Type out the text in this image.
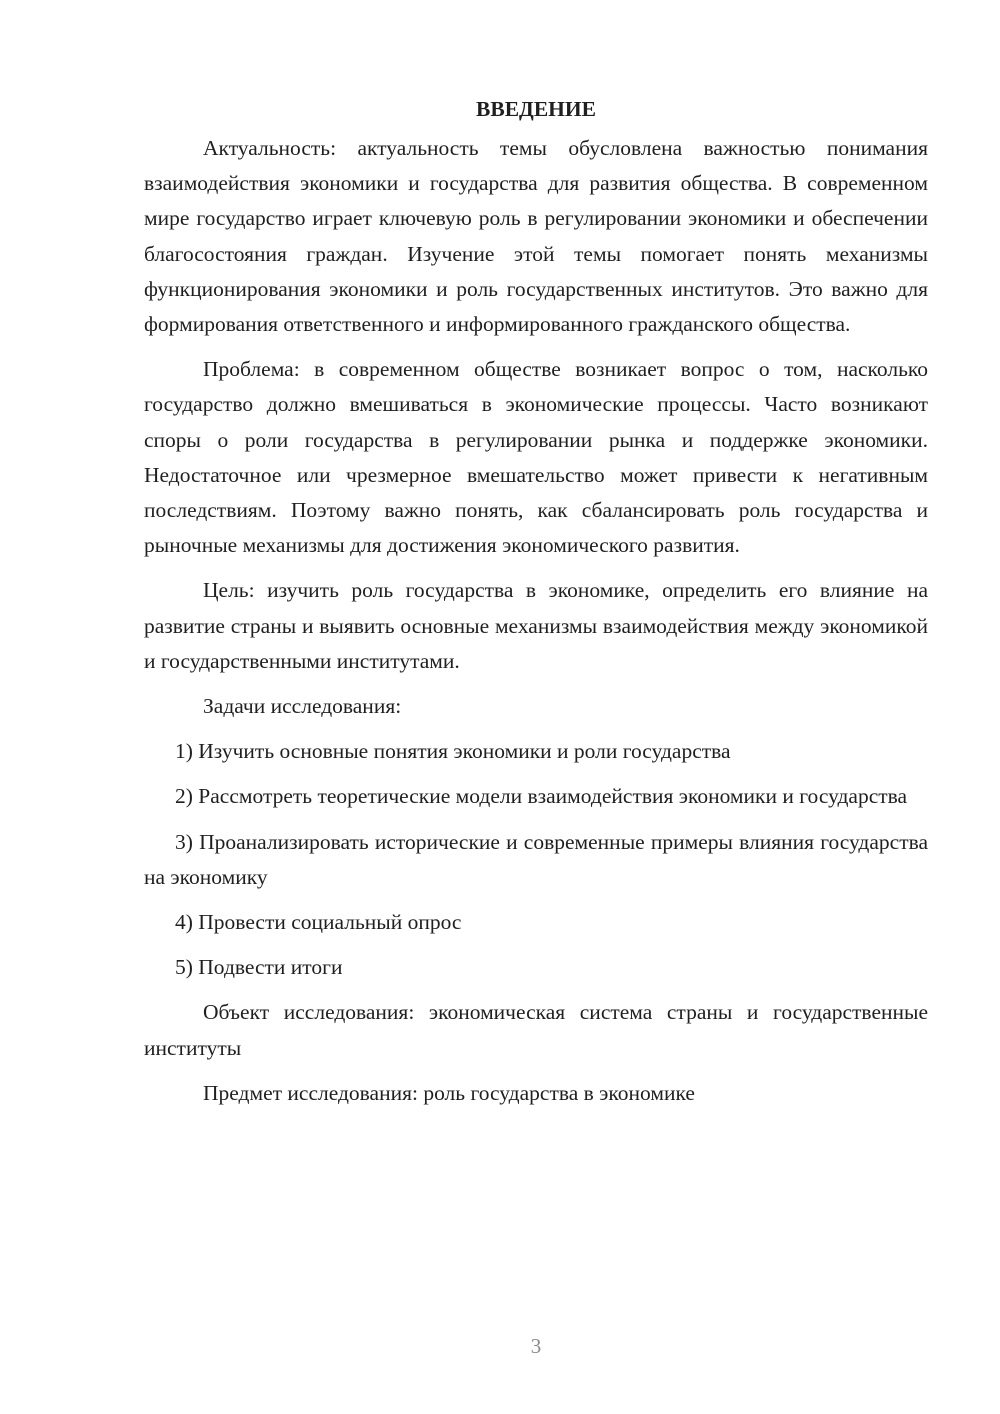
ВВЕДЕНИЕ

Актуальность: актуальность темы обусловлена важностью понимания взаимодействия экономики и государства для развития общества. В современном мире государство играет ключевую роль в регулировании экономики и обеспечении благосостояния граждан. Изучение этой темы помогает понять механизмы функционирования экономики и роль государственных институтов. Это важно для формирования ответственного и информированного гражданского общества.

Проблема: в современном обществе возникает вопрос о том, насколько государство должно вмешиваться в экономические процессы. Часто возникают споры о роли государства в регулировании рынка и поддержке экономики. Недостаточное или чрезмерное вмешательство может привести к негативным последствиям. Поэтому важно понять, как сбалансировать роль государства и рыночные механизмы для достижения экономического развития.

Цель: изучить роль государства в экономике, определить его влияние на развитие страны и выявить основные механизмы взаимодействия между экономикой и государственными институтами.

Задачи исследования:

1) Изучить основные понятия экономики и роли государства

2) Рассмотреть теоретические модели взаимодействия экономики и государства

3) Проанализировать исторические и современные примеры влияния государства на экономику

4) Провести социальный опрос

5) Подвести итоги

Объект исследования: экономическая система страны и государственные институты

Предмет исследования: роль государства в экономике

3
